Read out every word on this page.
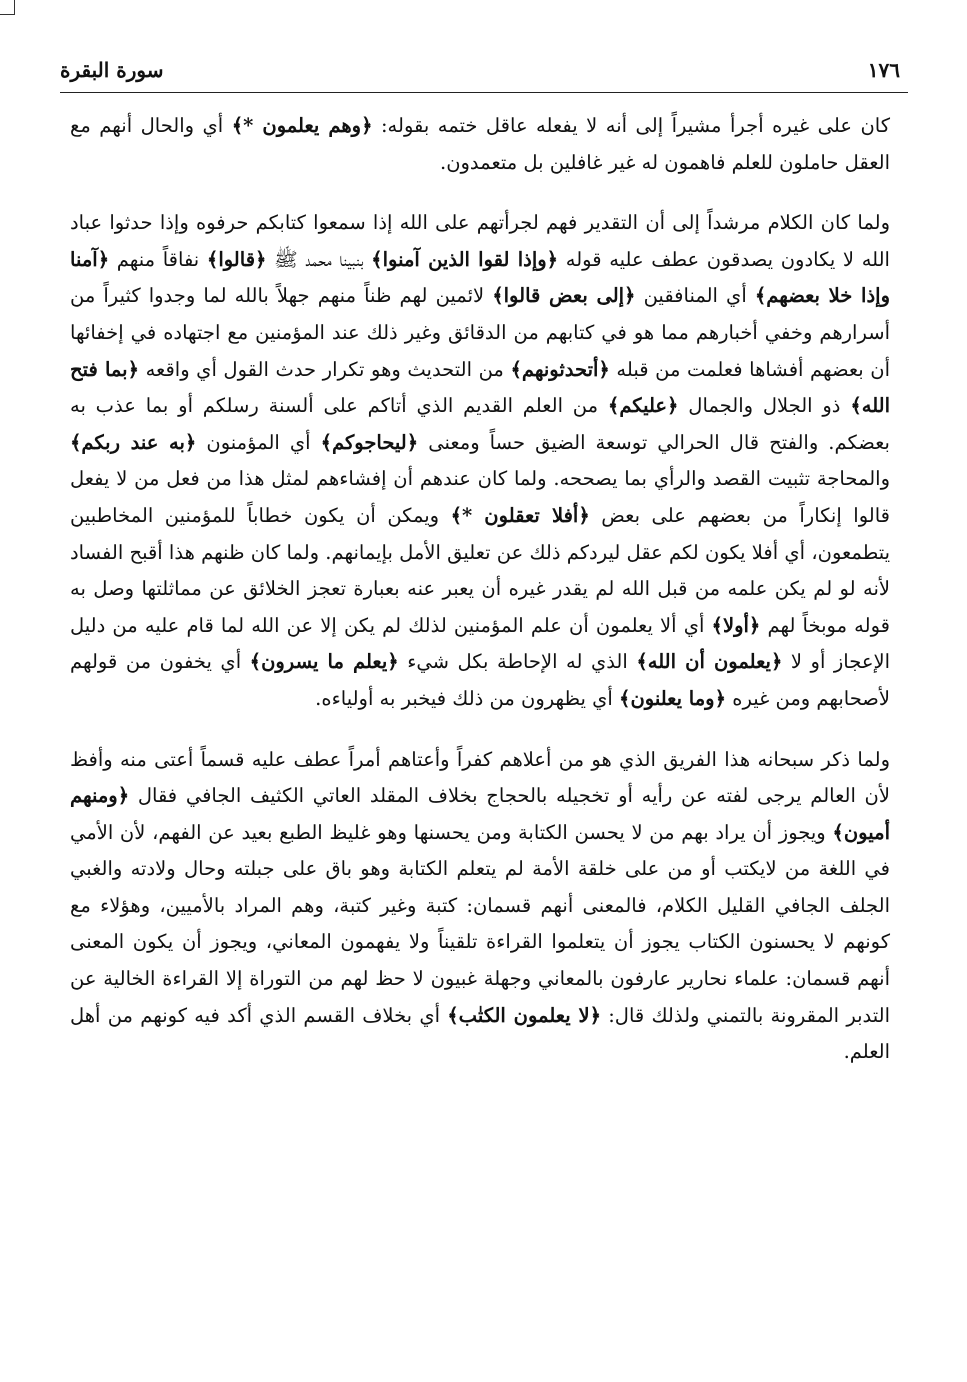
١٧٦
سورة البقرة

كان على غيره أجرأ مشيراً إلى أنه لا يفعله عاقل ختمه بقوله: ﴿وهم يعلمون *﴾ أي والحال أنهم مع العقل حاملون للعلم فاهمون له غير غافلين بل متعمدون.

ولما كان الكلام مرشداً إلى أن التقدير فهم لجرأتهم على الله إذا سمعوا كتابكم حرفوه وإذا حدثوا عباد الله لا يكادون يصدقون عطف عليه قوله ﴿وإذا لقوا الذين آمنوا﴾ بنبينا محمد ﷺ ﴿قالوا﴾ نفاقاً منهم ﴿آمنا وإذا خلا بعضهم﴾ أي المنافقين ﴿إلى بعض قالوا﴾ لائمين لهم ظناً منهم جهلاً بالله لما وجدوا كثيراً من أسرارهم وخفي أخبارهم مما هو في كتابهم من الدقائق وغير ذلك عند المؤمنين مع اجتهاده في إخفائها أن بعضهم أفشاها فعلمت من قبله ﴿أتحدثونهم﴾ من التحديث وهو تكرار حدث القول أي واقعه ﴿بما فتح الله﴾ ذو الجلال والجمال ﴿عليكم﴾ من العلم القديم الذي أتاكم على ألسنة رسلكم أو بما عذب به بعضكم. والفتح قال الحرالي توسعة الضيق حساً ومعنى ﴿ليحاجوكم﴾ أي المؤمنون ﴿به عند ربكم﴾ والمحاجة تثبيت القصد والرأي بما يصححه. ولما كان عندهم أن إفشاءهم لمثل هذا من فعل من لا يفعل قالوا إنكاراً من بعضهم على بعض ﴿أفلا تعقلون *﴾ ويمكن أن يكون خطاباً للمؤمنين المخاطبين يتطمعون، أي أفلا يكون لكم عقل ليردكم ذلك عن تعليق الأمل بإيمانهم. ولما كان ظنهم هذا أقبح الفساد لأنه لو لم يكن علمه من قبل الله لم يقدر غيره أن يعبر عنه بعبارة تعجز الخلائق عن مماثلتها وصل به قوله موبخاً لهم ﴿أولا﴾ أي ألا يعلمون أن علم المؤمنين لذلك لم يكن إلا عن الله لما قام عليه من دليل الإعجاز أو لا ﴿يعلمون أن الله﴾ الذي له الإحاطة بكل شيء ﴿يعلم ما يسرون﴾ أي يخفون من قولهم لأصحابهم ومن غيره ﴿وما يعلنون﴾ أي يظهرون من ذلك فيخبر به أولياءه.

ولما ذكر سبحانه هذا الفريق الذي هو من أعلاهم كفراً وأعتاهم أمراً عطف عليه قسماً أعتى منه وأفظ لأن العالم يرجى لفته عن رأيه أو تخجيله بالحجاج بخلاف المقلد العاتي الكثيف الجافي فقال ﴿ومنهم أميون﴾ ويجوز أن يراد بهم من لا يحسن الكتابة ومن يحسنها وهو غليظ الطبع بعيد عن الفهم، لأن الأمي في اللغة من لايكتب أو من على خلقة الأمة لم يتعلم الكتابة وهو باق على جبلته وحال ولادته والغبي الجلف الجافي القليل الكلام، فالمعنى أنهم قسمان: كتبة وغير كتبة، وهم المراد بالأميين، وهؤلاء مع كونهم لا يحسنون الكتاب يجوز أن يتعلموا القراءة تلقيناً ولا يفهمون المعاني، ويجوز أن يكون المعنى أنهم قسمان: علماء نحارير عارفون بالمعاني وجهلة غبيون لا حظ لهم من التوراة إلا القراءة الخالية عن التدبر المقرونة بالتمني ولذلك قال: ﴿لا يعلمون الكتٰب﴾ أي بخلاف القسم الذي أكد فيه كونهم من أهل العلم.
